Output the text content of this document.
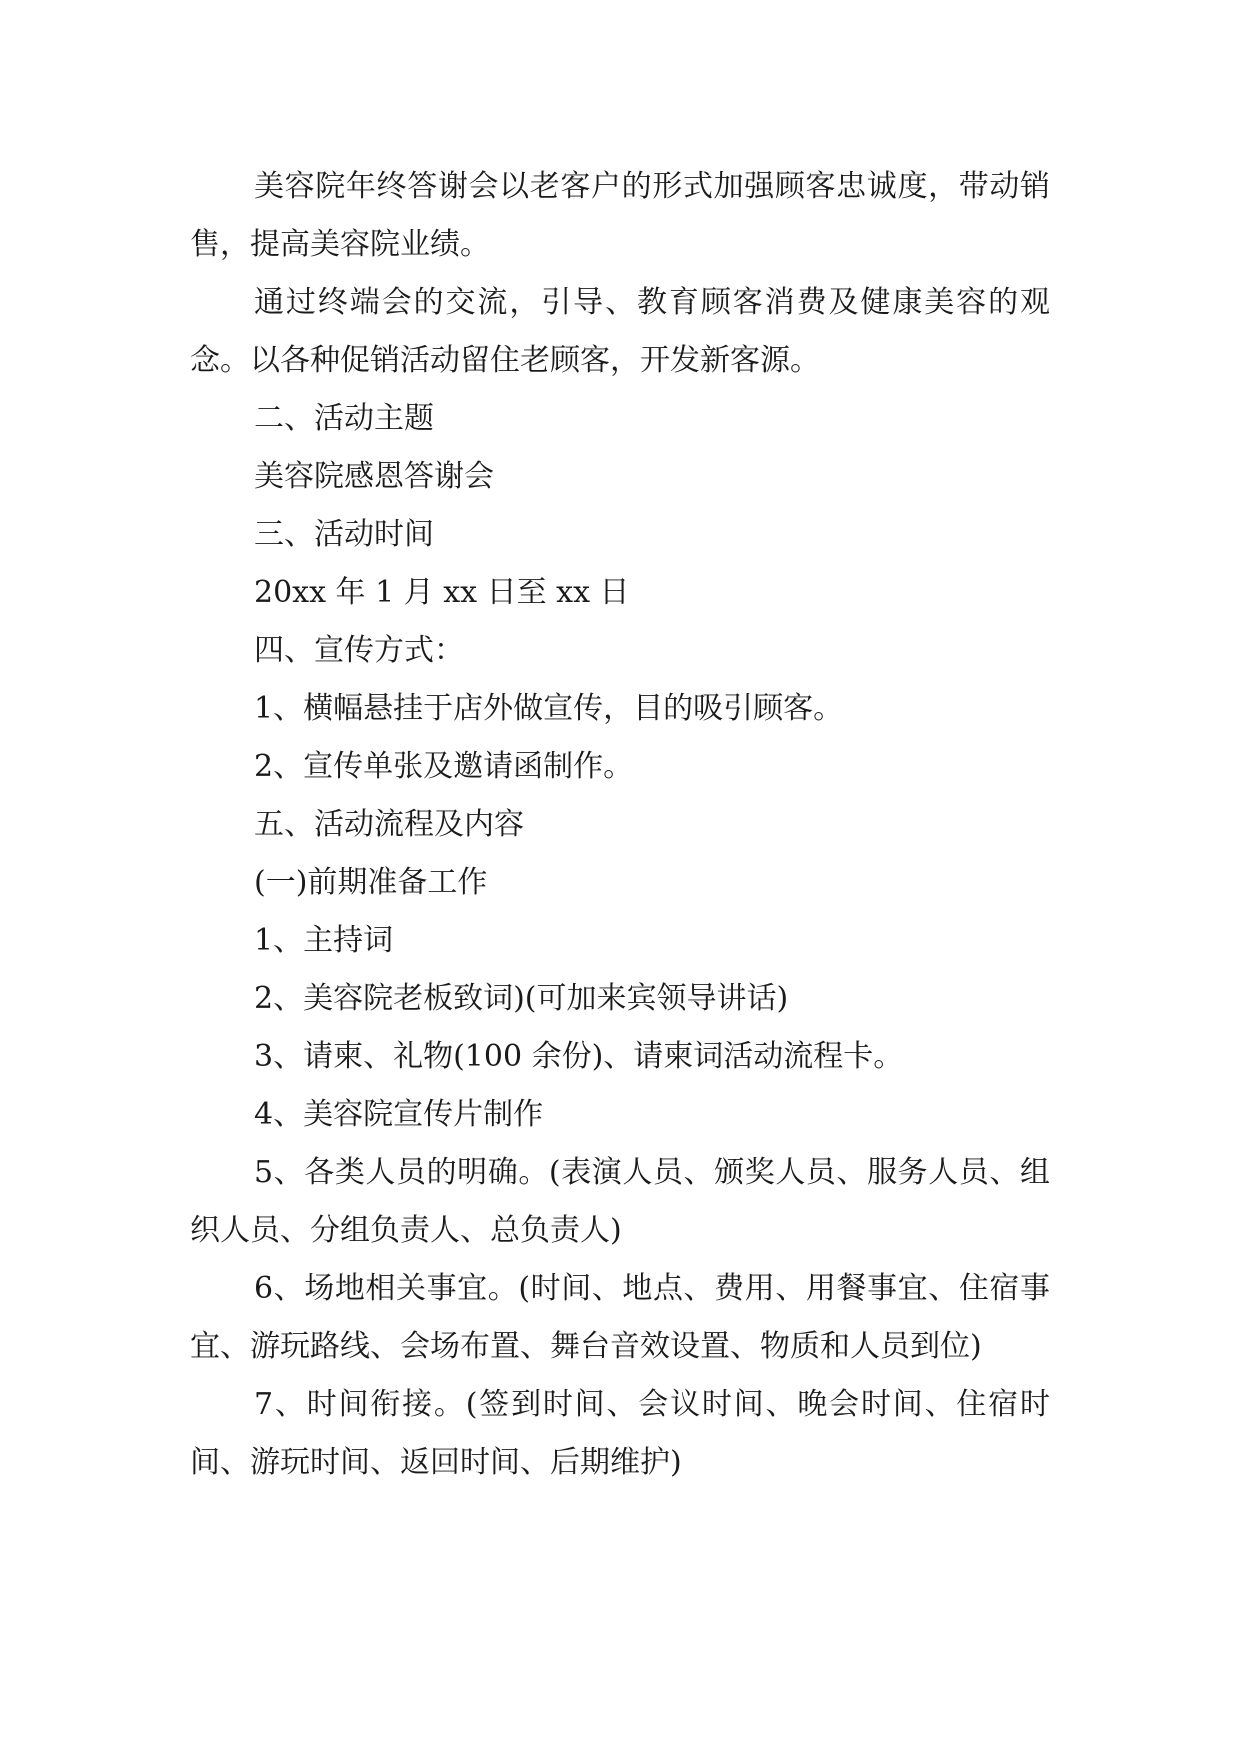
美容院年终答谢会以老客户的形式加强顾客忠诚度，带动销售，提高美容院业绩。

通过终端会的交流，引导、教育顾客消费及健康美容的观念。以各种促销活动留住老顾客，开发新客源。

二、活动主题

美容院感恩答谢会

三、活动时间

20xx 年 1 月 xx 日至 xx 日

四、宣传方式：

1、横幅悬挂于店外做宣传，目的吸引顾客。

2、宣传单张及邀请函制作。

五、活动流程及内容

(一)前期准备工作

1、主持词

2、美容院老板致词)(可加来宾领导讲话)

3、请柬、礼物(100 余份)、请柬词活动流程卡。

4、美容院宣传片制作

5、各类人员的明确。(表演人员、颁奖人员、服务人员、组织人员、分组负责人、总负责人)

6、场地相关事宜。(时间、地点、费用、用餐事宜、住宿事宜、游玩路线、会场布置、舞台音效设置、物质和人员到位)

7、时间衔接。(签到时间、会议时间、晚会时间、住宿时间、游玩时间、返回时间、后期维护)
